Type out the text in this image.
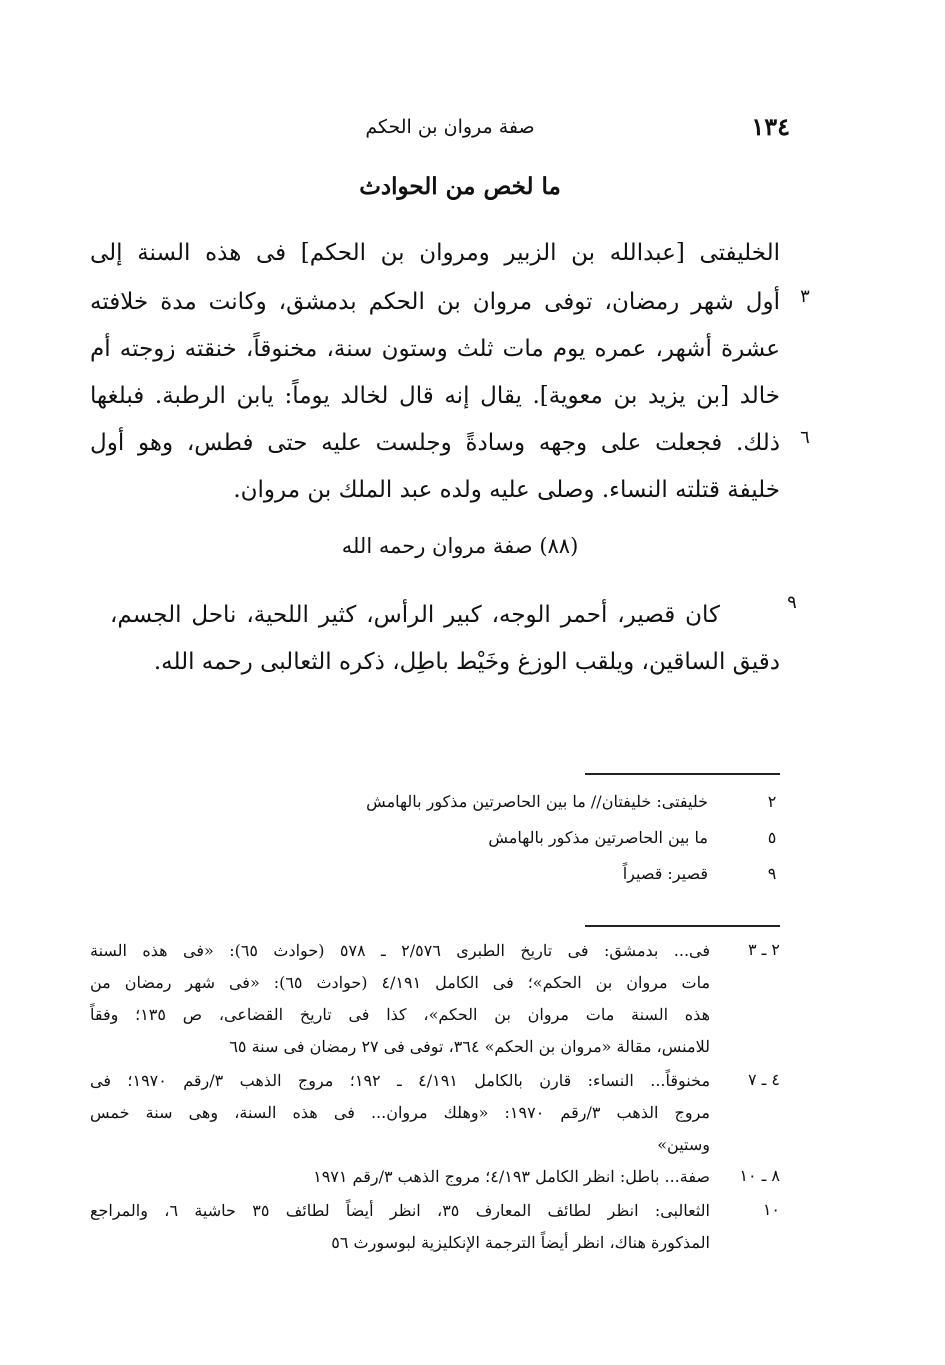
١٣٤
صفة مروان بن الحكم
ما لخص من الحوادث
الخليفتى [عبدالله بن الزبير ومروان بن الحكم] فى هذه السنة إلى
أول شهر رمضان، توفى مروان بن الحكم بدمشق، وكانت مدة خلافته
عشرة أشهر، عمره يوم مات ثلث وستون سنة، مخنوقاً، خنقته زوجته أم
خالد [بن يزيد بن معوية]. يقال إنه قال لخالد يوماً: يابن الرطبة. فبلغها
ذلك. فجعلت على وجهه وسادةً وجلست عليه حتى فطس، وهو أول
خليفة قتلته النساء. وصلى عليه ولده عبد الملك بن مروان.
٣
٦
(٨٨) صفة مروان رحمه الله
كان قصير، أحمر الوجه، كبير الرأس، كثير اللحية، ناحل الجسم،
دقيق الساقين، ويلقب الوزغ وخَيْط باطِل، ذكره الثعالبى رحمه الله.
٩
٢
خليفتى: خليفتان// ما بين الحاصرتين مذكور بالهامش
٥
ما بين الحاصرتين مذكور بالهامش
٩
قصير: قصيراً
٢ ـ ٣
فى... بدمشق: فى تاريخ الطبرى ٢/٥٧٦ ـ ٥٧٨ (حوادث ٦٥): «فى هذه السنة
مات مروان بن الحكم»؛ فى الكامل ٤/١٩١ (حوادث ٦٥): «فى شهر رمضان من
هذه السنة مات مروان بن الحكم»، كذا فى تاريخ القضاعى، ص ١٣٥؛ وفقاً
للامنس، مقالة «مروان بن الحكم» ٣٦٤، توفى فى ٢٧ رمضان فى سنة ٦٥
٤ ـ ٧
مخنوقاً... النساء: قارن بالكامل ٤/١٩١ ـ ١٩٢؛ مروج الذهب ٣/رقم ١٩٧٠؛ فى
مروج الذهب ٣/رقم ١٩٧٠: «وهلك مروان... فى هذه السنة، وهى سنة خمس
وستين»
٨ ـ ١٠
صفة... باطل: انظر الكامل ٤/١٩٣؛ مروج الذهب ٣/رقم ١٩٧١
١٠
الثعالبى: انظر لطائف المعارف ٣٥، انظر أيضاً لطائف ٣٥ حاشية ٦، والمراجع
المذكورة هناك، انظر أيضاً الترجمة الإنكليزية لبوسورث ٥٦
